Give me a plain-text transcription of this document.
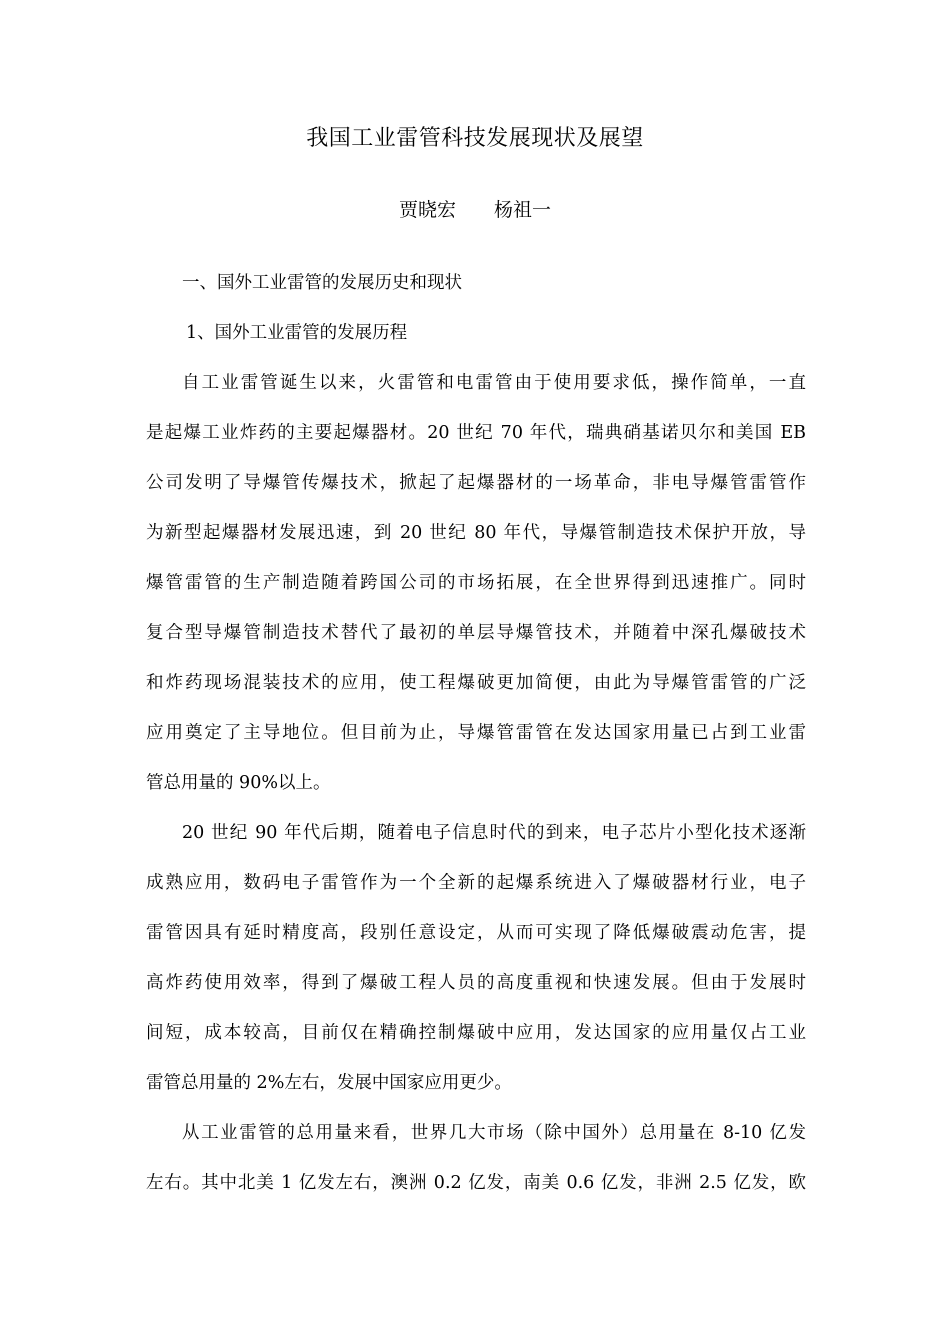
我国工业雷管科技发展现状及展望
贾晓宏 杨祖一
一、国外工业雷管的发展历史和现状
1、国外工业雷管的发展历程
自工业雷管诞生以来，火雷管和电雷管由于使用要求低，操作简单，一直
是起爆工业炸药的主要起爆器材。20 世纪 70 年代，瑞典硝基诺贝尔和美国 EB
公司发明了导爆管传爆技术，掀起了起爆器材的一场革命，非电导爆管雷管作
为新型起爆器材发展迅速，到 20 世纪 80 年代，导爆管制造技术保护开放，导
爆管雷管的生产制造随着跨国公司的市场拓展，在全世界得到迅速推广。同时
复合型导爆管制造技术替代了最初的单层导爆管技术，并随着中深孔爆破技术
和炸药现场混装技术的应用，使工程爆破更加简便，由此为导爆管雷管的广泛
应用奠定了主导地位。但目前为止，导爆管雷管在发达国家用量已占到工业雷
管总用量的 90%以上。
20 世纪 90 年代后期，随着电子信息时代的到来，电子芯片小型化技术逐渐
成熟应用，数码电子雷管作为一个全新的起爆系统进入了爆破器材行业，电子
雷管因具有延时精度高，段别任意设定，从而可实现了降低爆破震动危害，提
高炸药使用效率，得到了爆破工程人员的高度重视和快速发展。但由于发展时
间短，成本较高，目前仅在精确控制爆破中应用，发达国家的应用量仅占工业
雷管总用量的 2%左右，发展中国家应用更少。
从工业雷管的总用量来看，世界几大市场（除中国外）总用量在 8-10 亿发
左右。其中北美 1 亿发左右，澳洲 0.2 亿发，南美 0.6 亿发，非洲 2.5 亿发，欧
